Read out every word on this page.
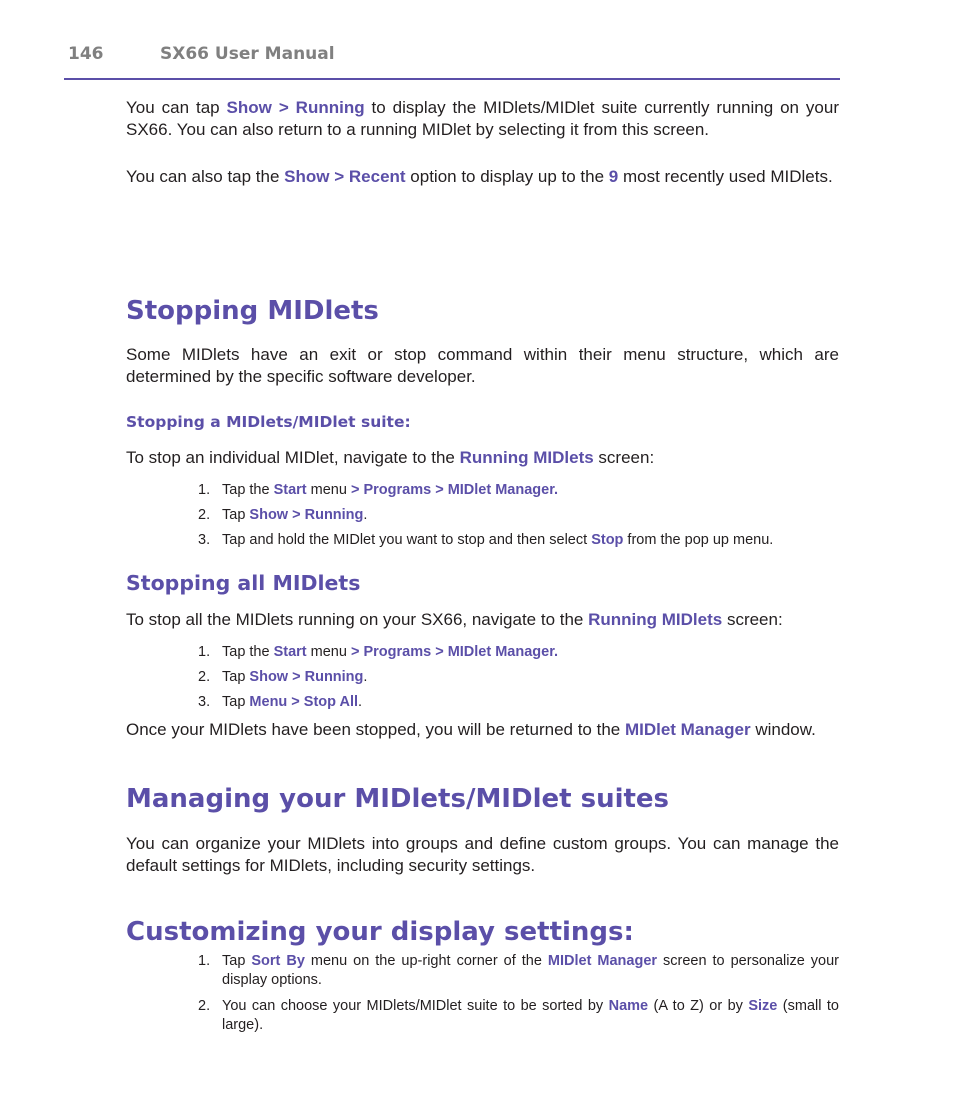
146	SX66 User Manual

You can tap Show > Running to display the MIDlets/MIDlet suite currently running on your SX66. You can also return to a running MIDlet by selecting it from this screen.

You can also tap the Show > Recent option to display up to the 9 most recently used MIDlets.

Stopping MIDlets

Some MIDlets have an exit or stop command within their menu structure, which are determined by the specific software developer.

Stopping a MIDlets/MIDlet suite:

To stop an individual MIDlet, navigate to the Running MIDlets screen:

1. Tap the Start menu > Programs > MIDlet Manager.
2. Tap Show > Running.
3. Tap and hold the MIDlet you want to stop and then select Stop from the pop up menu.
Stopping all MIDlets

To stop all the MIDlets running on your SX66, navigate to the Running MIDlets screen:

1. Tap the Start menu > Programs > MIDlet Manager.
2. Tap Show > Running.
3. Tap Menu > Stop All.

Once your MIDlets have been stopped, you will be returned to the MIDlet Manager window.

Managing your MIDlets/MIDlet suites

You can organize your MIDlets into groups and define custom groups. You can manage the default settings for MIDlets, including security settings.

Customizing your display settings:
1. Tap Sort By menu on the up-right corner of the MIDlet Manager screen to personalize your display options.
2. You can choose your MIDlets/MIDlet suite to be sorted by Name (A to Z) or by Size (small to large).
